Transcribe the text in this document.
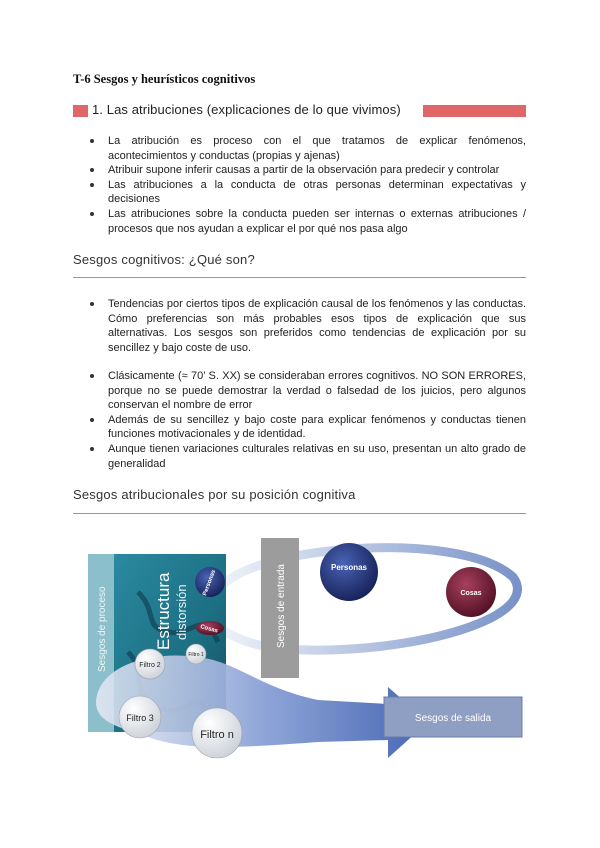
T-6 Sesgos y heurísticos cognitivos
1. Las atribuciones (explicaciones de lo que vivimos)
La atribución es proceso con el que tratamos de explicar fenómenos, acontecimientos y conductas (propias y ajenas)
Atribuir supone inferir causas a partir de la observación para predecir y controlar
Las atribuciones a la conducta de otras personas determinan expectativas y decisiones
Las atribuciones sobre la conducta pueden ser internas o externas atribuciones / procesos que nos ayudan a explicar el por qué nos pasa algo
Sesgos cognitivos: ¿Qué son?
Tendencias por ciertos tipos de explicación causal de los fenómenos y las conductas. Cómo preferencias son más probables esos tipos de explicación que sus alternativas. Los sesgos son preferidos como tendencias de explicación por su sencillez y bajo coste de uso.
Clásicamente (≈ 70’ S. XX) se consideraban errores cognitivos. NO SON ERRORES, porque no se puede demostrar la verdad o falsedad de los juicios, pero algunos conservan el nombre de error
Además de su sencillez y bajo coste para explicar fenómenos y conductas tienen funciones motivacionales y de identidad.
Aunque tienen variaciones culturales relativas en su uso, presentan un alto grado de generalidad
Sesgos atribucionales por su posición cognitiva
Sesgos de proceso	Estructura distorsión
Personas
Cosas	Sesgos de entrada	Personas
Cosas
Filtro 1
Filtro 2
Filtro 3
Filtro n
Sesgos de salida
